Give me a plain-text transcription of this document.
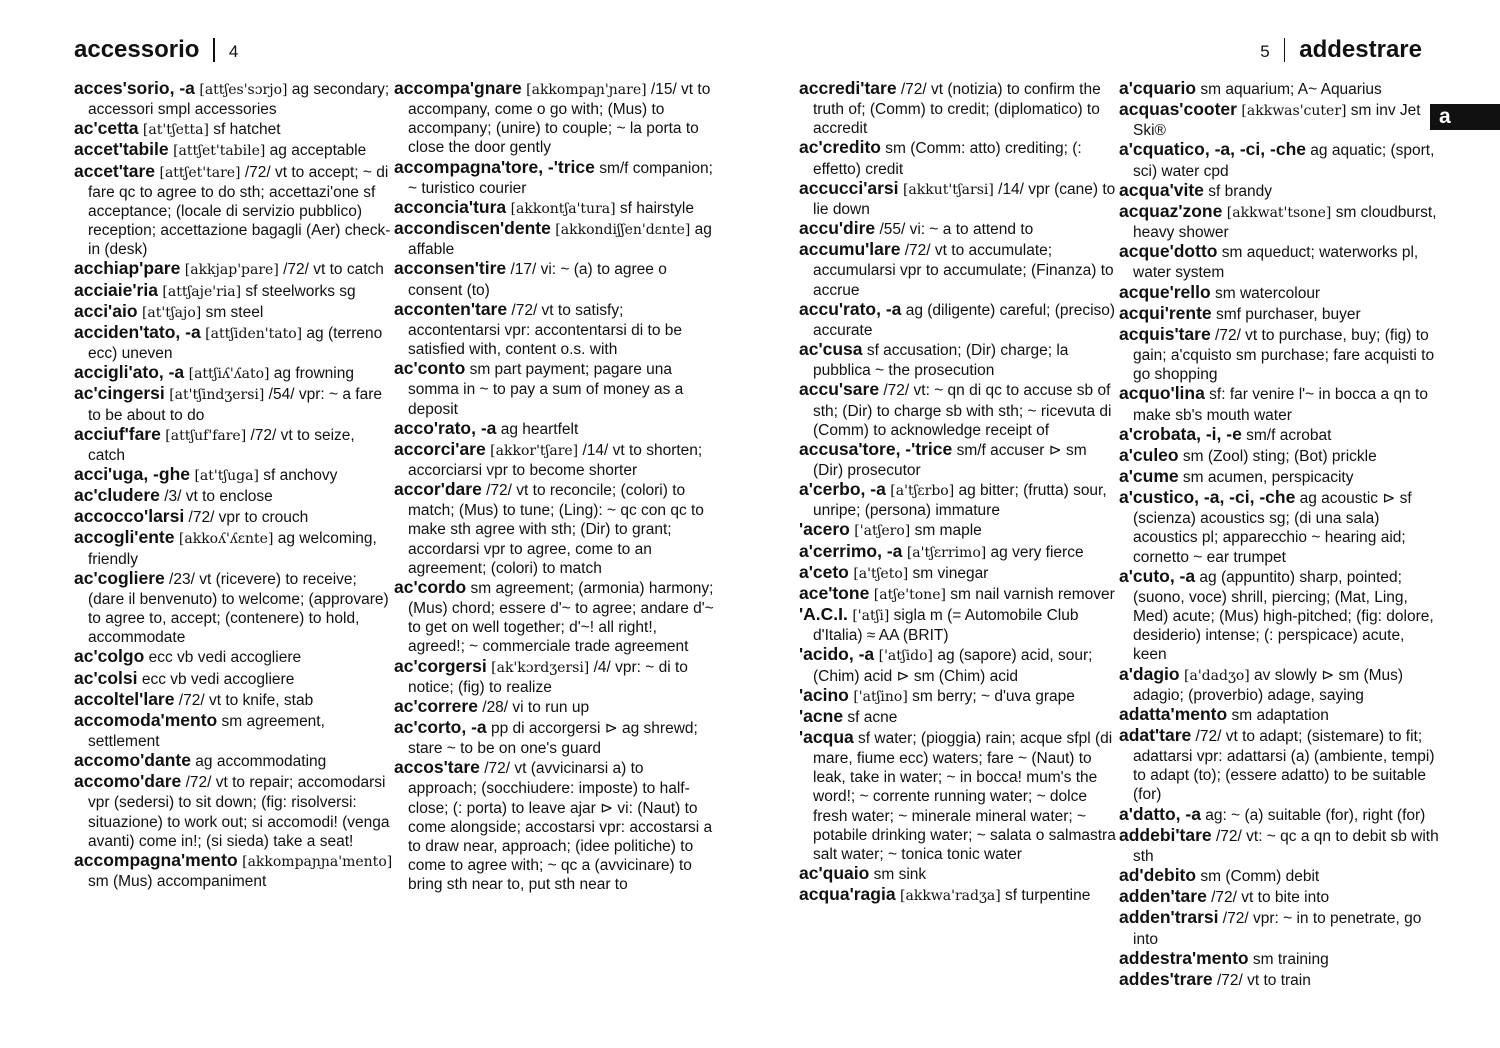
accessorio 4	5 addestrare
a

acces'sorio, -a [attʃes'sɔrjo] ag secondary; accessori smpl accessories

ac'cetta [at'tʃetta] sf hatchet

accet'tabile [attʃet'tabile] ag acceptable

accet'tare [attʃet'tare] /72/ vt to accept; ~ di fare qc to agree to do sth; accettazi'one sf acceptance; (locale di servizio pubblico) reception; accettazione bagagli (Aer) check-in (desk)

acchiap'pare [akkjap'pare] /72/ vt to catch

acciaie'ria [attʃaje'ria] sf steelworks sg

acci'aio [at'tʃajo] sm steel

acciden'tato, -a [attʃiden'tato] ag (terreno ecc) uneven

accigli'ato, -a [attʃiʎ'ʎato] ag frowning

ac'cingersi [at'tʃindʒersi] /54/ vpr: ~ a fare to be about to do

acciuf'fare [attʃuf'fare] /72/ vt to seize, catch

acci'uga, -ghe [at'tʃuga] sf anchovy

ac'cludere /3/ vt to enclose

accocco'larsi /72/ vpr to crouch

accogli'ente [akkoʎ'ʎɛnte] ag welcoming, friendly

ac'cogliere /23/ vt (ricevere) to receive; (dare il benvenuto) to welcome; (approvare) to agree to, accept; (contenere) to hold, accommodate

ac'colgo ecc vb vedi accogliere

ac'colsi ecc vb vedi accogliere

accoltel'lare /72/ vt to knife, stab

accomoda'mento sm agreement, settlement

accomo'dante ag accommodating

accomo'dare /72/ vt to repair; accomodarsi vpr (sedersi) to sit down; (fig: risolversi: situazione) to work out; si accomodi! (venga avanti) come in!; (si sieda) take a seat!

accompagna'mento [akkompaɲɲa'mento] sm (Mus) accompaniment

accompa'gnare [akkompaɲ'ɲare] /15/ vt to accompany, come o go with; (Mus) to accompany; (unire) to couple; ~ la porta to close the door gently

accompagna'tore, -'trice sm/f companion; ~ turistico courier

acconcia'tura [akkontʃa'tura] sf hairstyle

accondiscen'dente [akkondiʃʃen'dɛnte] ag affable

acconsen'tire /17/ vi: ~ (a) to agree o consent (to)

acconten'tare /72/ vt to satisfy; accontentarsi vpr: accontentarsi di to be satisfied with, content o.s. with

ac'conto sm part payment; pagare una somma in ~ to pay a sum of money as a deposit

acco'rato, -a ag heartfelt

accorci'are [akkor'tʃare] /14/ vt to shorten; accorciarsi vpr to become shorter

accor'dare /72/ vt to reconcile; (colori) to match; (Mus) to tune; (Ling): ~ qc con qc to make sth agree with sth; (Dir) to grant; accordarsi vpr to agree, come to an agreement; (colori) to match

ac'cordo sm agreement; (armonia) harmony; (Mus) chord; essere d'~ to agree; andare d'~ to get on well together; d'~! all right!, agreed!; ~ commerciale trade agreement

ac'corgersi [ak'kɔrdʒersi] /4/ vpr: ~ di to notice; (fig) to realize

ac'correre /28/ vi to run up

ac'corto, -a pp di accorgersi ⊳ ag shrewd; stare ~ to be on one's guard

accos'tare /72/ vt (avvicinarsi a) to approach; (socchiudere: imposte) to half-close; (: porta) to leave ajar ⊳ vi: (Naut) to come alongside; accostarsi vpr: accostarsi a to draw near, approach; (idee politiche) to come to agree with; ~ qc a (avvicinare) to bring sth near to, put sth near to

accredi'tare /72/ vt (notizia) to confirm the truth of; (Comm) to credit; (diplomatico) to accredit

ac'credito sm (Comm: atto) crediting; (: effetto) credit

accucci'arsi [akkut'tʃarsi] /14/ vpr (cane) to lie down

accu'dire /55/ vi: ~ a to attend to

accumu'lare /72/ vt to accumulate; accumularsi vpr to accumulate; (Finanza) to accrue

accu'rato, -a ag (diligente) careful; (preciso) accurate

ac'cusa sf accusation; (Dir) charge; la pubblica ~ the prosecution

accu'sare /72/ vt: ~ qn di qc to accuse sb of sth; (Dir) to charge sb with sth; ~ ricevuta di (Comm) to acknowledge receipt of

accusa'tore, -'trice sm/f accuser ⊳ sm (Dir) prosecutor

a'cerbo, -a [a'tʃɛrbo] ag bitter; (frutta) sour, unripe; (persona) immature

'acero ['atʃero] sm maple

a'cerrimo, -a [a'tʃɛrrimo] ag very fierce

a'ceto [a'tʃeto] sm vinegar

ace'tone [atʃe'tone] sm nail varnish remover

'A.C.I. ['atʃi] sigla m (= Automobile Club d'Italia) ≈ AA (BRIT)

'acido, -a ['atʃido] ag (sapore) acid, sour; (Chim) acid ⊳ sm (Chim) acid

'acino ['atʃino] sm berry; ~ d'uva grape

'acne sf acne

'acqua sf water; (pioggia) rain; acque sfpl (di mare, fiume ecc) waters; fare ~ (Naut) to leak, take in water; ~ in bocca! mum's the word!; ~ corrente running water; ~ dolce fresh water; ~ minerale mineral water; ~ potabile drinking water; ~ salata o salmastra salt water; ~ tonica tonic water

ac'quaio sm sink

acqua'ragia [akkwa'radʒa] sf turpentine

a'cquario sm aquarium; A~ Aquarius

acquas'cooter [akkwas'cuter] sm inv Jet Ski®

a'cquatico, -a, -ci, -che ag aquatic; (sport, sci) water cpd

acqua'vite sf brandy

acquaz'zone [akkwat'tsone] sm cloudburst, heavy shower

acque'dotto sm aqueduct; waterworks pl, water system

acque'rello sm watercolour

acqui'rente smf purchaser, buyer

acquis'tare /72/ vt to purchase, buy; (fig) to gain; a'cquisto sm purchase; fare acquisti to go shopping

acquo'lina sf: far venire l'~ in bocca a qn to make sb's mouth water

a'crobata, -i, -e sm/f acrobat

a'culeo sm (Zool) sting; (Bot) prickle

a'cume sm acumen, perspicacity

a'custico, -a, -ci, -che ag acoustic ⊳ sf (scienza) acoustics sg; (di una sala) acoustics pl; apparecchio ~ hearing aid; cornetto ~ ear trumpet

a'cuto, -a ag (appuntito) sharp, pointed; (suono, voce) shrill, piercing; (Mat, Ling, Med) acute; (Mus) high-pitched; (fig: dolore, desiderio) intense; (: perspicace) acute, keen

a'dagio [a'dadʒo] av slowly ⊳ sm (Mus) adagio; (proverbio) adage, saying

adatta'mento sm adaptation

adat'tare /72/ vt to adapt; (sistemare) to fit; adattarsi vpr: adattarsi (a) (ambiente, tempi) to adapt (to); (essere adatto) to be suitable (for)

a'datto, -a ag: ~ (a) suitable (for), right (for)

addebi'tare /72/ vt: ~ qc a qn to debit sb with sth

ad'debito sm (Comm) debit

adden'tare /72/ vt to bite into

adden'trarsi /72/ vpr: ~ in to penetrate, go into

addestra'mento sm training

addes'trare /72/ vt to train
